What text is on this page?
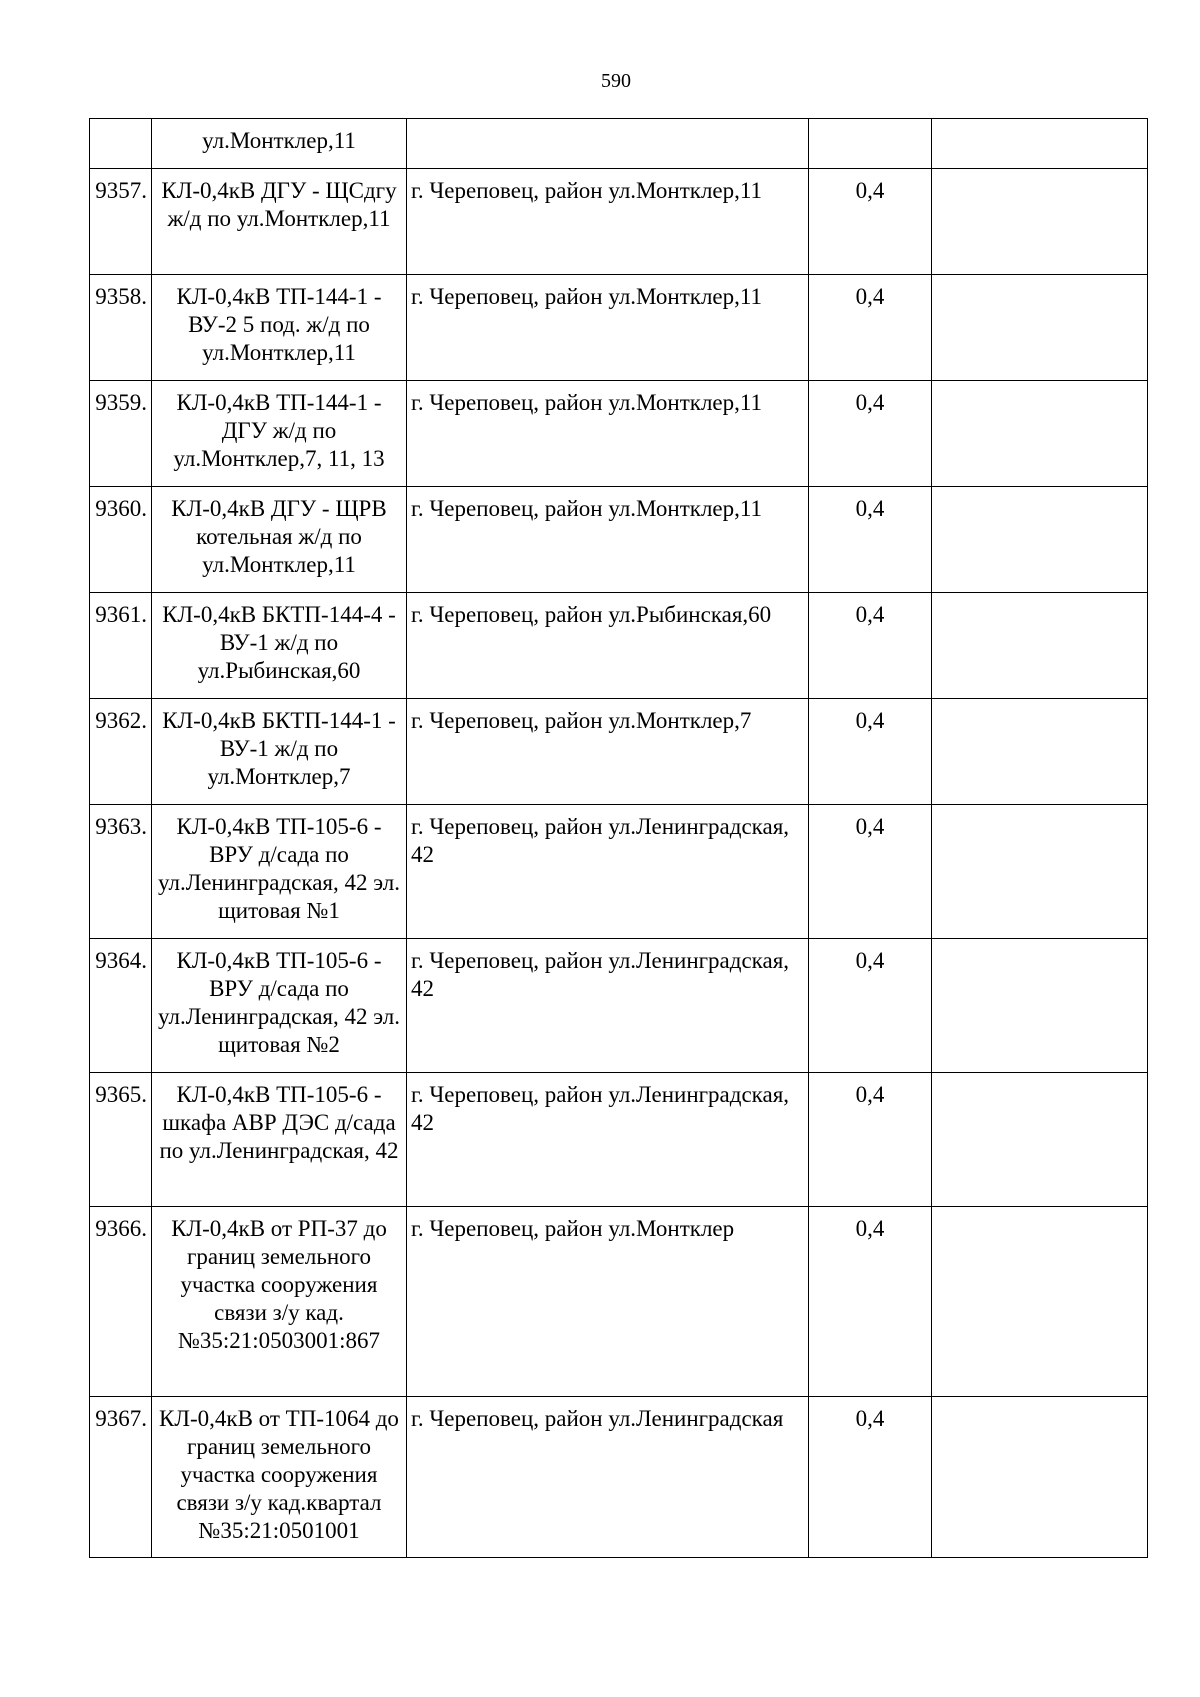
590
	ул.Монтклер,11			
9357.	КЛ-0,4кВ ДГУ - ЩСдгу ж/д по ул.Монтклер,11	г. Череповец, район ул.Монтклер,11	0,4	
9358.	КЛ-0,4кВ ТП-144-1 - ВУ-2 5 под. ж/д по ул.Монтклер,11	г. Череповец, район ул.Монтклер,11	0,4	
9359.	КЛ-0,4кВ ТП-144-1 - ДГУ ж/д по ул.Монтклер,7, 11, 13	г. Череповец, район ул.Монтклер,11	0,4	
9360.	КЛ-0,4кВ ДГУ - ЩРВ котельная ж/д по ул.Монтклер,11	г. Череповец, район ул.Монтклер,11	0,4	
9361.	КЛ-0,4кВ БКТП-144-4 - ВУ-1 ж/д по ул.Рыбинская,60	г. Череповец, район ул.Рыбинская,60	0,4	
9362.	КЛ-0,4кВ БКТП-144-1 - ВУ-1 ж/д по ул.Монтклер,7	г. Череповец, район ул.Монтклер,7	0,4	
9363.	КЛ-0,4кВ ТП-105-6 - ВРУ д/сада по ул.Ленинградская, 42 эл. щитовая №1	г. Череповец, район ул.Ленинградская, 42	0,4	
9364.	КЛ-0,4кВ ТП-105-6 - ВРУ д/сада по ул.Ленинградская, 42 эл. щитовая №2	г. Череповец, район ул.Ленинградская, 42	0,4	
9365.	КЛ-0,4кВ ТП-105-6 - шкафа АВР ДЭС д/сада по ул.Ленинградская, 42	г. Череповец, район ул.Ленинградская, 42	0,4	
9366.	КЛ-0,4кВ от РП-37 до границ земельного участка сооружения связи з/у кад.№35:21:0503001:867	г. Череповец, район ул.Монтклер	0,4	
9367.	КЛ-0,4кВ от ТП-1064 до границ земельного участка сооружения связи з/у кад.квартал №35:21:0501001	г. Череповец, район ул.Ленинградская	0,4	
